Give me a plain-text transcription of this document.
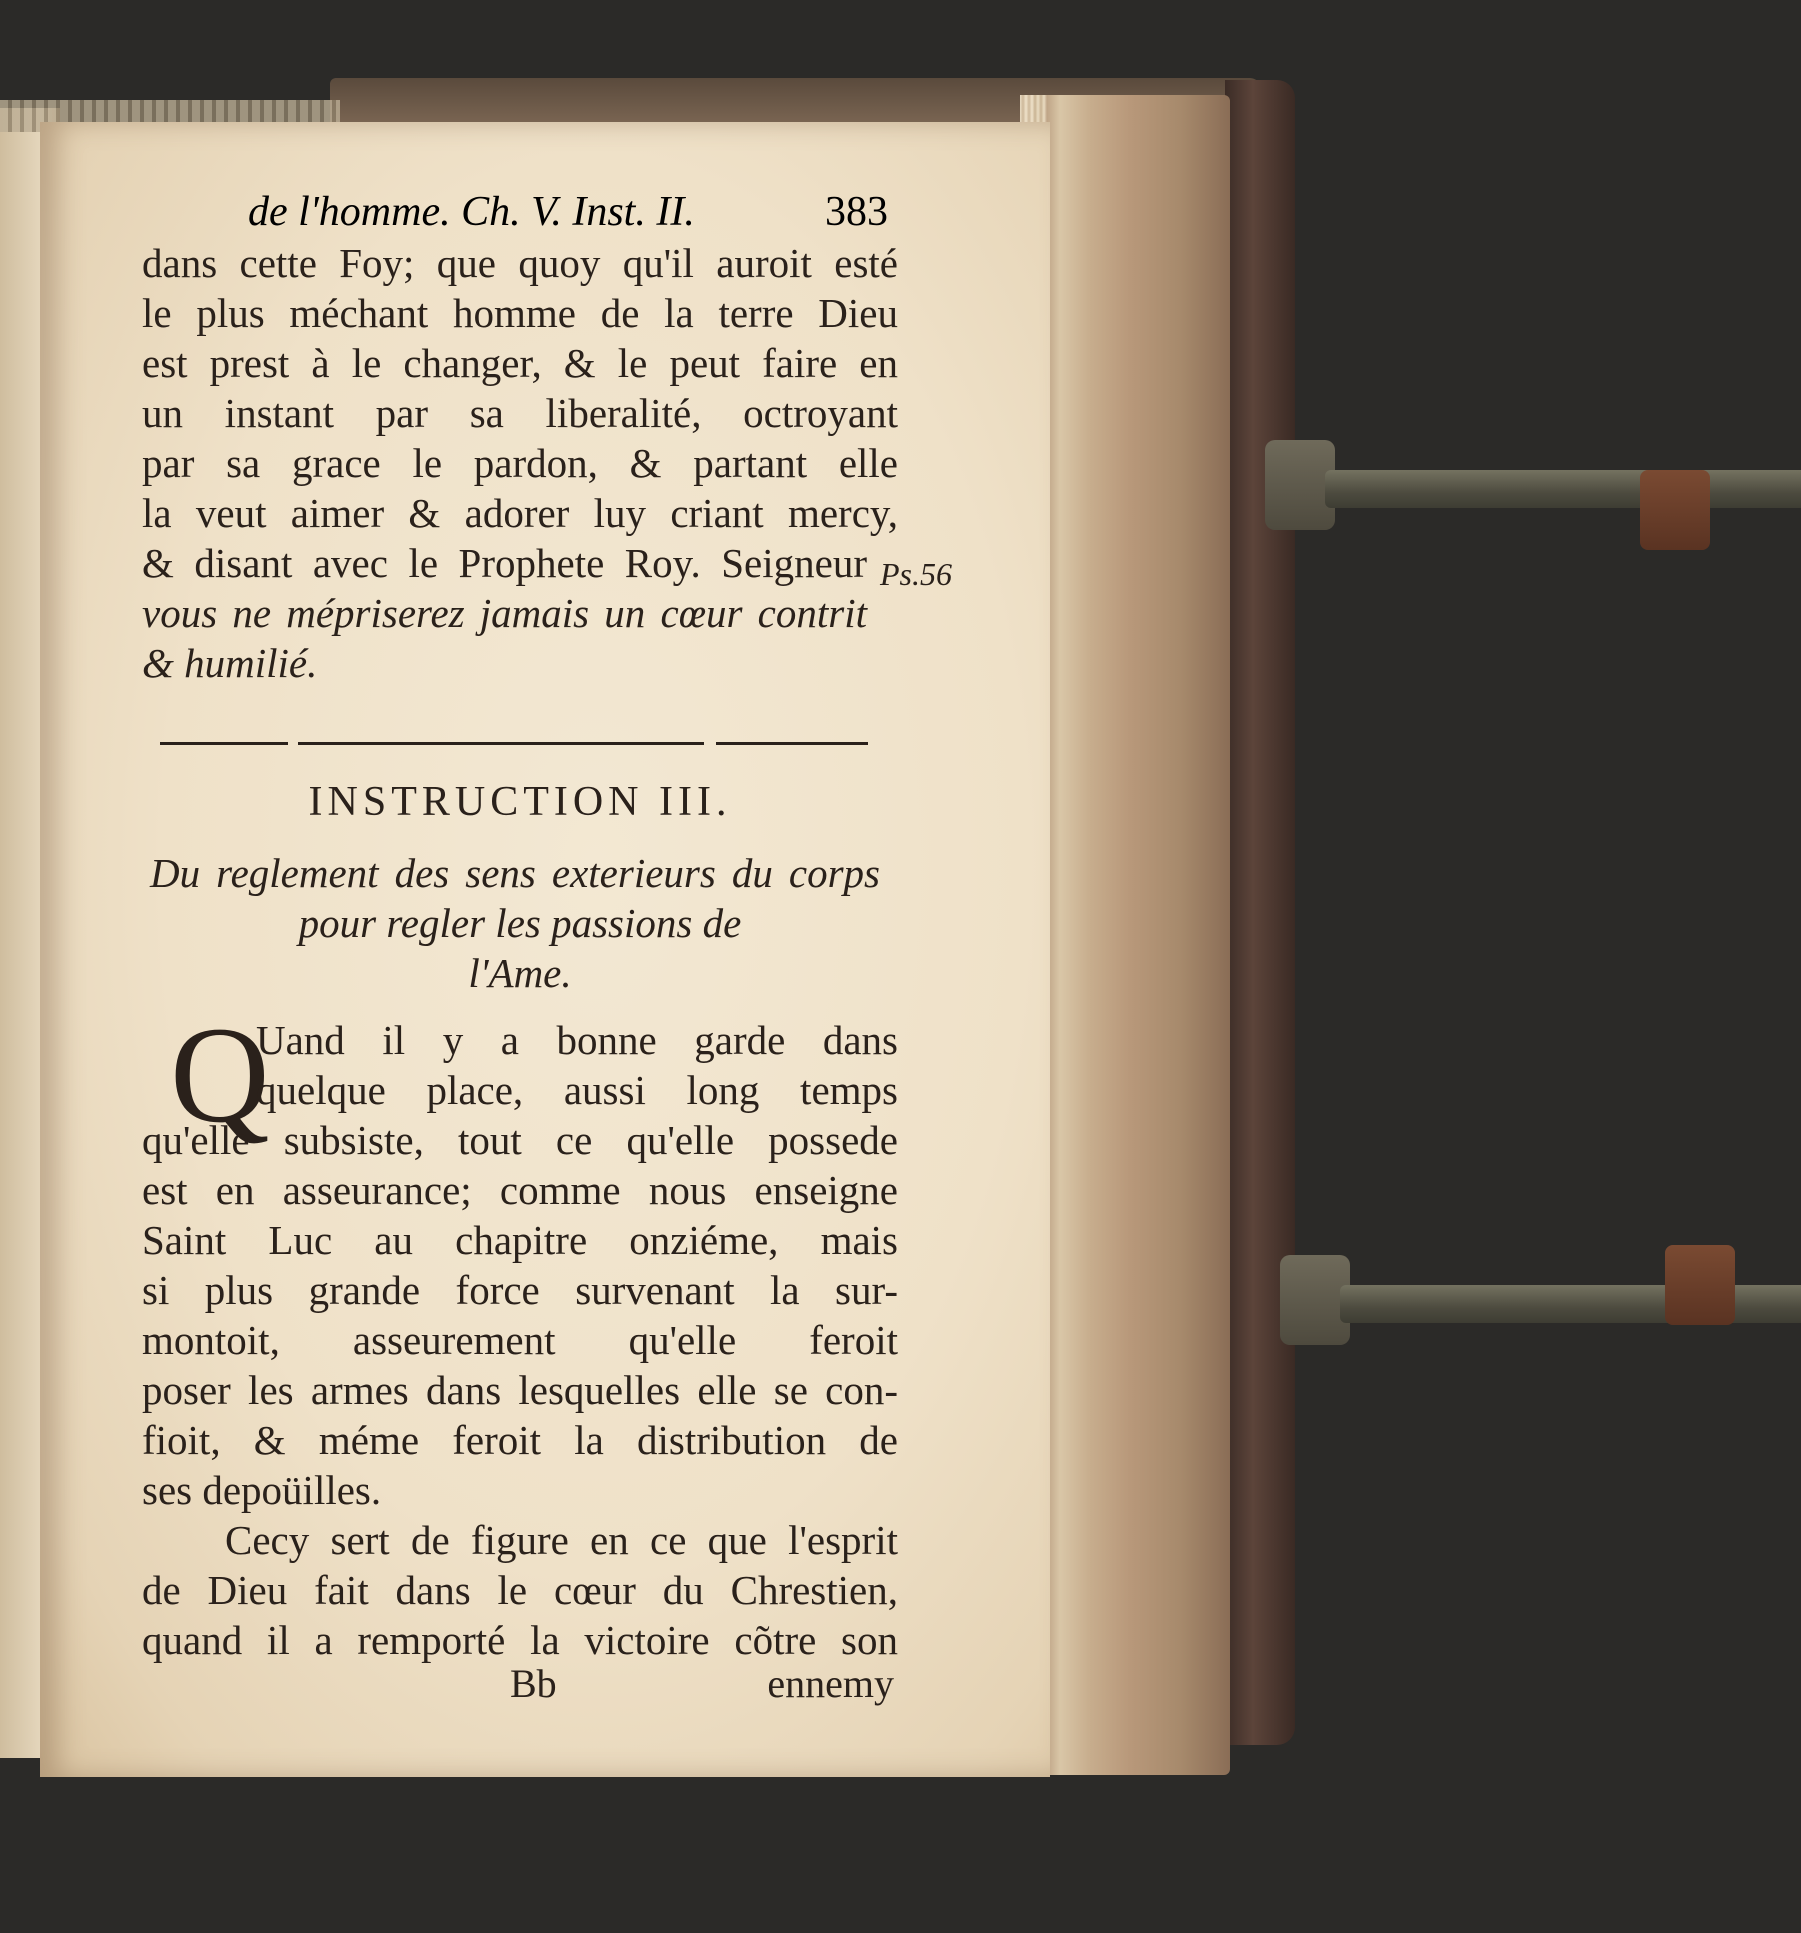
de l'homme. Ch. V. Inst. II.	383
dans cette Foy; que quoy qu'il auroit esté
le plus méchant homme de la terre Dieu
est prest à le changer, & le peut faire en
un instant par sa liberalité, octroyant
par sa grace le pardon, & partant elle
la veut aimer & adorer luy criant mercy,
& disant avec le Prophete Roy. Seigneur
vous ne mépriserez jamais un cœur contrit
& humilié.
Ps.56
INSTRUCTION III.
Du reglement des sens exterieurs du corps
pour regler les passions de
l'Ame.
Q
Uand il y a bonne garde dans
quelque place, aussi long temps
qu'elle subsiste, tout ce qu'elle possede
est en asseurance; comme nous enseigne
Saint Luc au chapitre onziéme, mais
si plus grande force survenant la sur-
montoit, asseurement qu'elle feroit
poser les armes dans lesquelles elle se con-
fioit, & méme feroit la distribution de
ses depoüilles.
Cecy sert de figure en ce que l'esprit
de Dieu fait dans le cœur du Chrestien,
quand il a remporté la victoire cõtre son
Bb	ennemy
